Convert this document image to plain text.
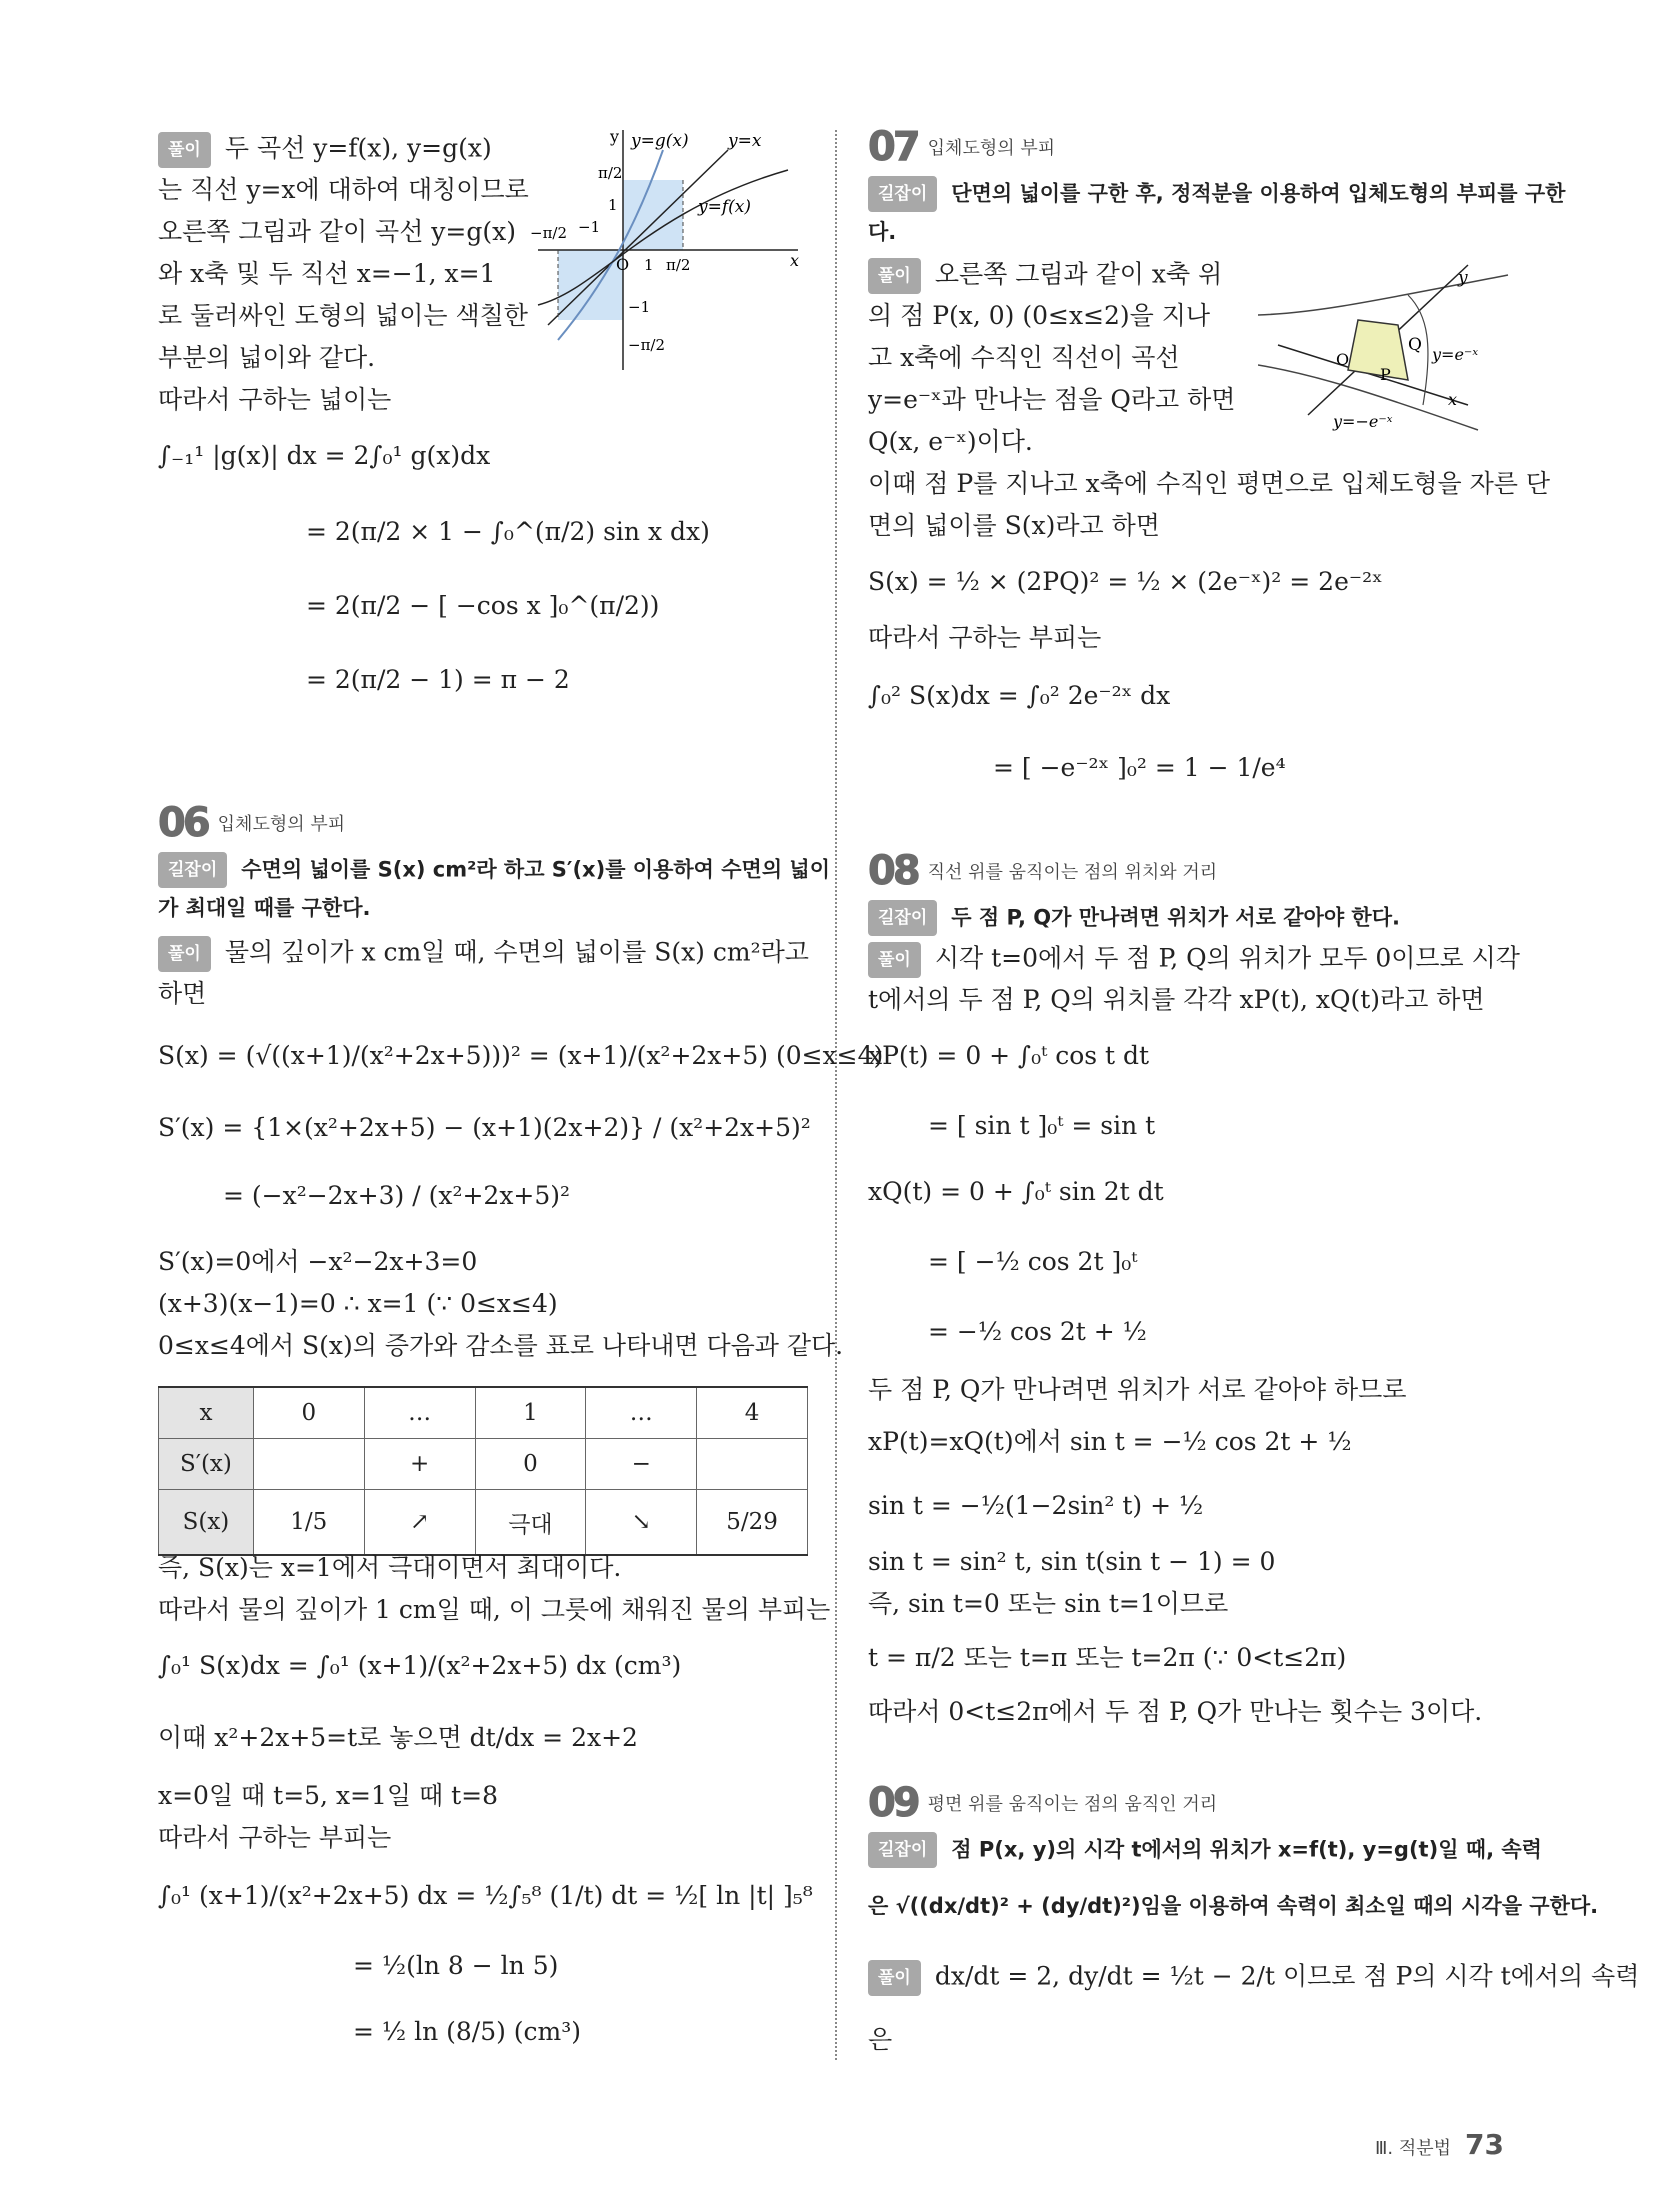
풀이 두 곡선 y=f(x), y=g(x)
는 직선 y=x에 대하여 대칭이므로
오른쪽 그림과 같이 곡선 y=g(x)
와 x축 및 두 직선 x=−1, x=1
로 둘러싸인 도형의 넓이는 색칠한
부분의 넓이와 같다.
따라서 구하는 넓이는
∫₋₁¹ |g(x)| dx = 2∫₀¹ g(x)dx
= 2(π/2 × 1 − ∫₀^(π/2) sin x dx)
= 2(π/2 − [ −cos x ]₀^(π/2))
= 2(π/2 − 1) = π − 2
y y=g(x) y=x
y=f(x)
π/2
1
−π/2 −1
O 1 π/2	x
−1
−π/2
06 입체도형의 부피
길잡이 수면의 넓이를 S(x) cm²라 하고 S′(x)를 이용하여 수면의 넓이
가 최대일 때를 구한다.
풀이 물의 깊이가 x cm일 때, 수면의 넓이를 S(x) cm²라고
하면
S(x) = (√((x+1)/(x²+2x+5)))² = (x+1)/(x²+2x+5) (0≤x≤4)
S′(x) = {1×(x²+2x+5) − (x+1)(2x+2)} / (x²+2x+5)²
= (−x²−2x+3) / (x²+2x+5)²
S′(x)=0에서 −x²−2x+3=0
(x+3)(x−1)=0 ∴ x=1 (∵ 0≤x≤4)
0≤x≤4에서 S(x)의 증가와 감소를 표로 나타내면 다음과 같다.
x	0	…	1	…	4
S′(x)		+	0	−	
S(x)	1/5	↗	극대	↘	5/29
즉, S(x)는 x=1에서 극대이면서 최대이다.
따라서 물의 깊이가 1 cm일 때, 이 그릇에 채워진 물의 부피는
∫₀¹ S(x)dx = ∫₀¹ (x+1)/(x²+2x+5) dx (cm³)
이때 x²+2x+5=t로 놓으면 dt/dx = 2x+2
x=0일 때 t=5, x=1일 때 t=8
따라서 구하는 부피는
∫₀¹ (x+1)/(x²+2x+5) dx = ½∫₅⁸ (1/t) dt = ½[ ln |t| ]₅⁸
= ½(ln 8 − ln 5)
= ½ ln (8/5) (cm³)
07 입체도형의 부피
길잡이 단면의 넓이를 구한 후, 정적분을 이용하여 입체도형의 부피를 구한
다.
풀이 오른쪽 그림과 같이 x축 위
의 점 P(x, 0) (0≤x≤2)을 지나
고 x축에 수직인 직선이 곡선
y=e⁻ˣ과 만나는 점을 Q라고 하면
Q(x, e⁻ˣ)이다.
이때 점 P를 지나고 x축에 수직인 평면으로 입체도형을 자른 단
면의 넓이를 S(x)라고 하면
S(x) = ½ × (2PQ)² = ½ × (2e⁻ˣ)² = 2e⁻²ˣ
따라서 구하는 부피는
∫₀² S(x)dx = ∫₀² 2e⁻²ˣ dx
= [ −e⁻²ˣ ]₀² = 1 − 1/e⁴
y
Q y=e⁻ˣ
O
P
x
y=−e⁻ˣ
08 직선 위를 움직이는 점의 위치와 거리
길잡이 두 점 P, Q가 만나려면 위치가 서로 같아야 한다.
풀이 시각 t=0에서 두 점 P, Q의 위치가 모두 0이므로 시각
t에서의 두 점 P, Q의 위치를 각각 xP(t), xQ(t)라고 하면
xP(t) = 0 + ∫₀ᵗ cos t dt
= [ sin t ]₀ᵗ = sin t
xQ(t) = 0 + ∫₀ᵗ sin 2t dt
= [ −½ cos 2t ]₀ᵗ
= −½ cos 2t + ½
두 점 P, Q가 만나려면 위치가 서로 같아야 하므로
xP(t)=xQ(t)에서 sin t = −½ cos 2t + ½
sin t = −½(1−2sin² t) + ½
sin t = sin² t, sin t(sin t − 1) = 0
즉, sin t=0 또는 sin t=1이므로
t = π/2 또는 t=π 또는 t=2π (∵ 0<t≤2π)
따라서 0<t≤2π에서 두 점 P, Q가 만나는 횟수는 3이다.
09 평면 위를 움직이는 점의 움직인 거리
길잡이 점 P(x, y)의 시각 t에서의 위치가 x=f(t), y=g(t)일 때, 속력
은 √((dx/dt)² + (dy/dt)²)임을 이용하여 속력이 최소일 때의 시각을 구한다.
풀이 dx/dt = 2, dy/dt = ½t − 2/t 이므로 점 P의 시각 t에서의 속력
은
Ⅲ. 적분법 73
